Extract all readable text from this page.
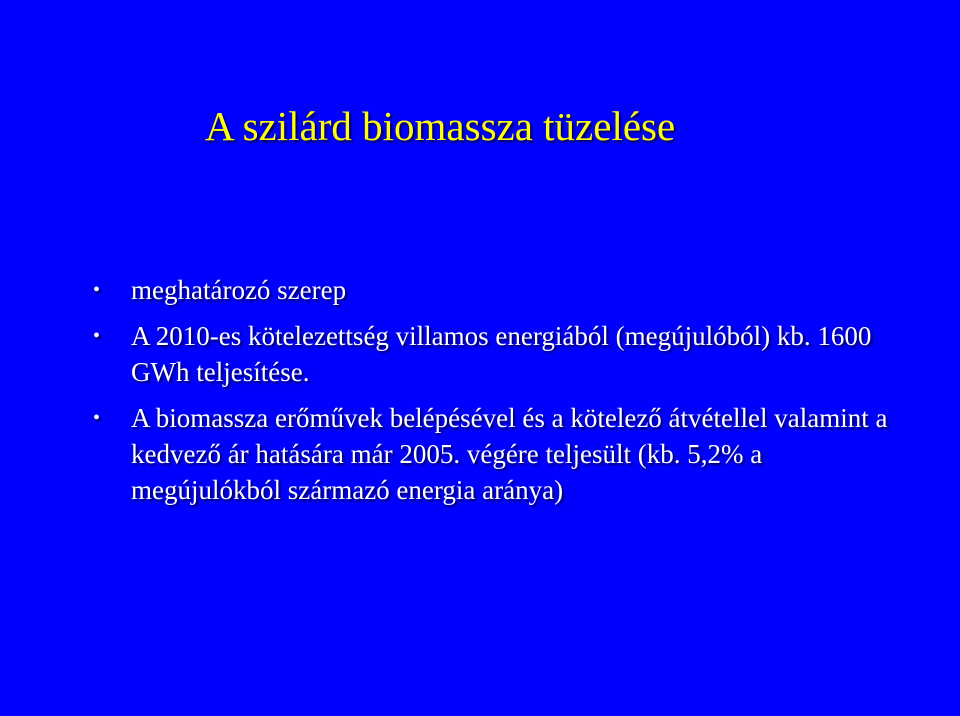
A szilárd biomassza tüzelése
• meghatározó szerep
• A 2010-es kötelezettség villamos energiából (megújulóból) kb. 1600 GWh teljesítése.
• A biomassza erőművek belépésével és a kötelező átvétellel valamint a kedvező ár hatására már 2005. végére teljesült (kb. 5,2% a megújulókból származó energia aránya)
